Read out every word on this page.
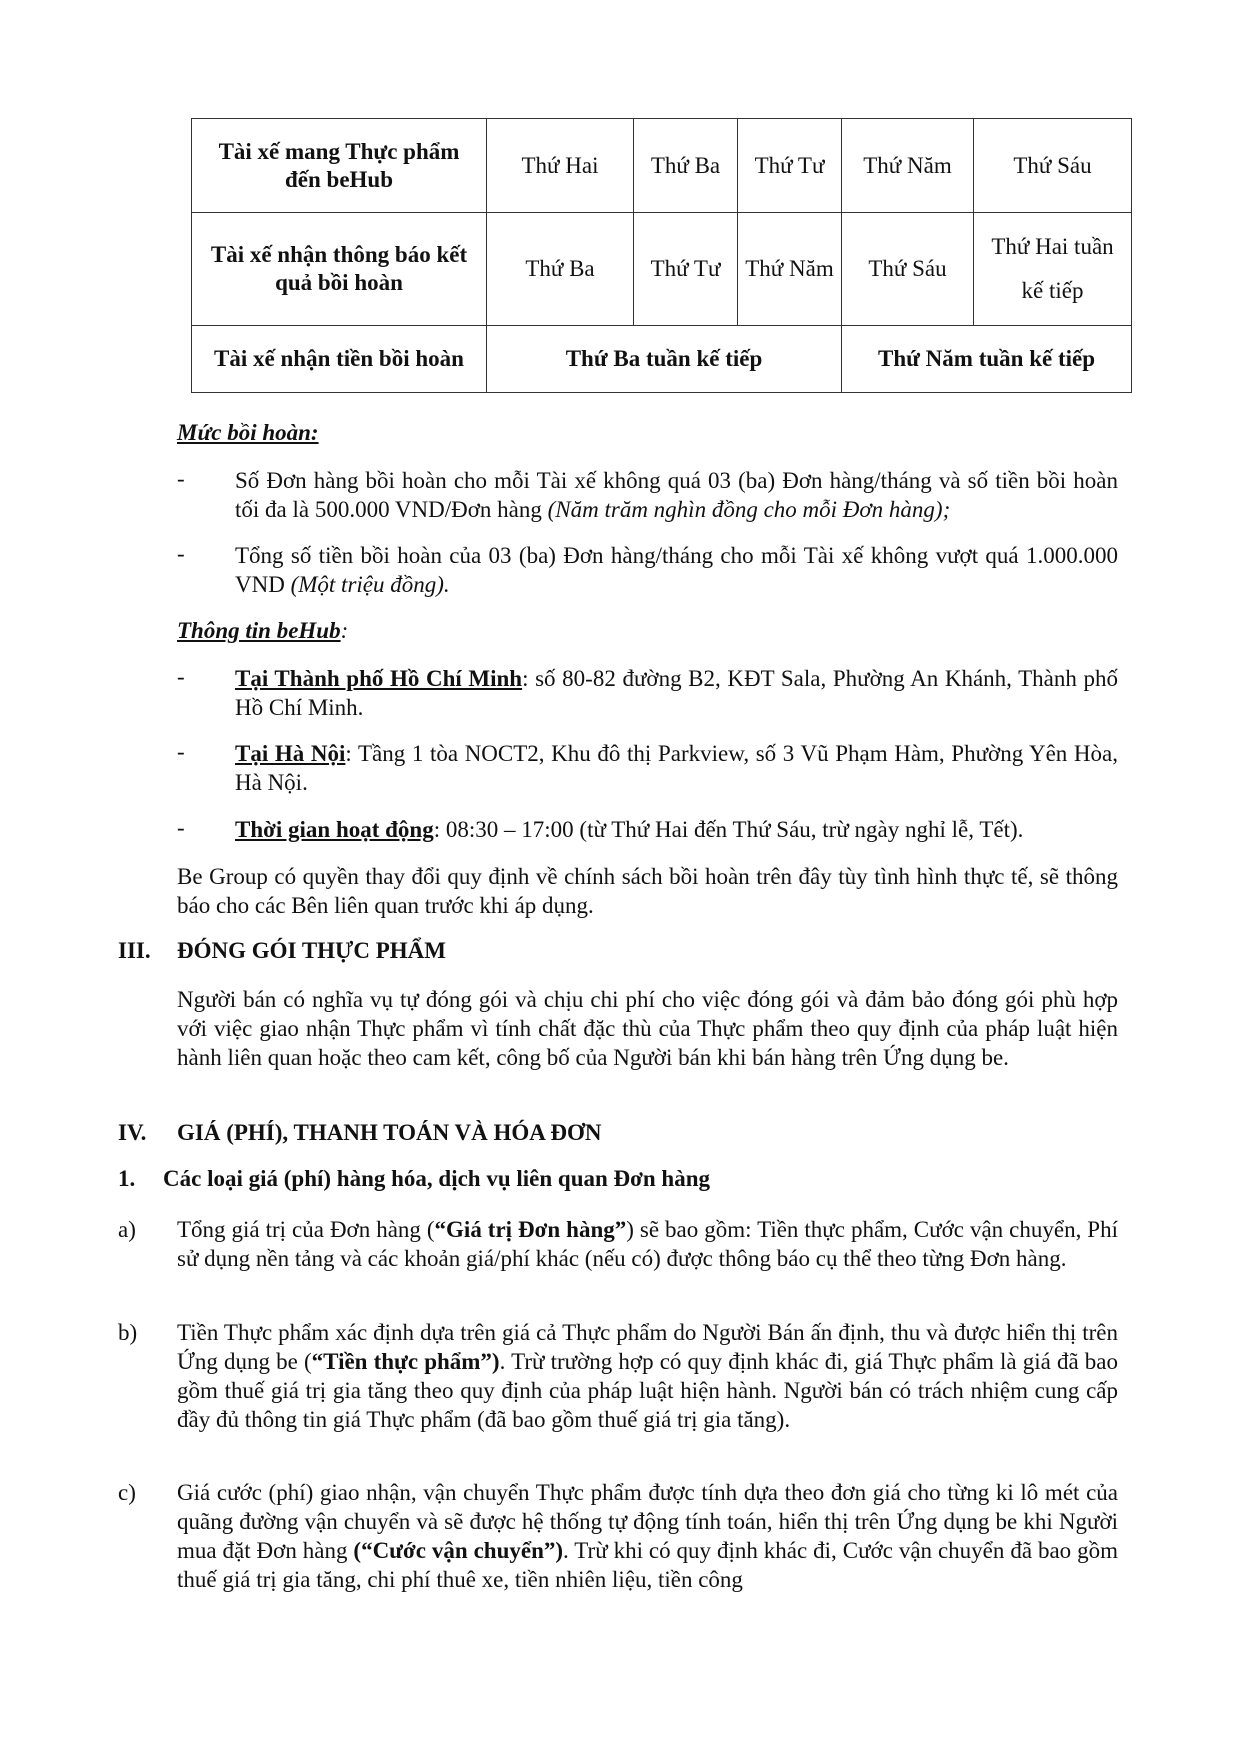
Tài xế mang Thực phẩm đến beHub	Thứ Hai	Thứ Ba	Thứ Tư	Thứ Năm	Thứ Sáu
Tài xế nhận thông báo kết quả bồi hoàn	Thứ Ba	Thứ Tư	Thứ Năm	Thứ Sáu	Thứ Hai tuần kế tiếp
Tài xế nhận tiền bồi hoàn	Thứ Ba tuần kế tiếp			Thứ Năm tuần kế tiếp	
Mức bồi hoàn:
- Số Đơn hàng bồi hoàn cho mỗi Tài xế không quá 03 (ba) Đơn hàng/tháng và số tiền bồi hoàn tối đa là 500.000 VND/Đơn hàng (Năm trăm nghìn đồng cho mỗi Đơn hàng);
- Tổng số tiền bồi hoàn của 03 (ba) Đơn hàng/tháng cho mỗi Tài xế không vượt quá 1.000.000 VND (Một triệu đồng).
Thông tin beHub:
- Tại Thành phố Hồ Chí Minh: số 80-82 đường B2, KĐT Sala, Phường An Khánh, Thành phố Hồ Chí Minh.
- Tại Hà Nội: Tầng 1 tòa NOCT2, Khu đô thị Parkview, số 3 Vũ Phạm Hàm, Phường Yên Hòa, Hà Nội.
- Thời gian hoạt động: 08:30 – 17:00 (từ Thứ Hai đến Thứ Sáu, trừ ngày nghỉ lễ, Tết).
Be Group có quyền thay đổi quy định về chính sách bồi hoàn trên đây tùy tình hình thực tế, sẽ thông báo cho các Bên liên quan trước khi áp dụng.
III. ĐÓNG GÓI THỰC PHẨM
Người bán có nghĩa vụ tự đóng gói và chịu chi phí cho việc đóng gói và đảm bảo đóng gói phù hợp với việc giao nhận Thực phẩm vì tính chất đặc thù của Thực phẩm theo quy định của pháp luật hiện hành liên quan hoặc theo cam kết, công bố của Người bán khi bán hàng trên Ứng dụng be.
IV. GIÁ (PHÍ), THANH TOÁN VÀ HÓA ĐƠN
1. Các loại giá (phí) hàng hóa, dịch vụ liên quan Đơn hàng
a) Tổng giá trị của Đơn hàng (“Giá trị Đơn hàng”) sẽ bao gồm: Tiền thực phẩm, Cước vận chuyển, Phí sử dụng nền tảng và các khoản giá/phí khác (nếu có) được thông báo cụ thể theo từng Đơn hàng.
b) Tiền Thực phẩm xác định dựa trên giá cả Thực phẩm do Người Bán ấn định, thu và được hiển thị trên Ứng dụng be (“Tiền thực phẩm”). Trừ trường hợp có quy định khác đi, giá Thực phẩm là giá đã bao gồm thuế giá trị gia tăng theo quy định của pháp luật hiện hành. Người bán có trách nhiệm cung cấp đầy đủ thông tin giá Thực phẩm (đã bao gồm thuế giá trị gia tăng).
c) Giá cước (phí) giao nhận, vận chuyển Thực phẩm được tính dựa theo đơn giá cho từng ki lô mét của quãng đường vận chuyển và sẽ được hệ thống tự động tính toán, hiển thị trên Ứng dụng be khi Người mua đặt Đơn hàng (“Cước vận chuyển”). Trừ khi có quy định khác đi, Cước vận chuyển đã bao gồm thuế giá trị gia tăng, chi phí thuê xe, tiền nhiên liệu, tiền công
